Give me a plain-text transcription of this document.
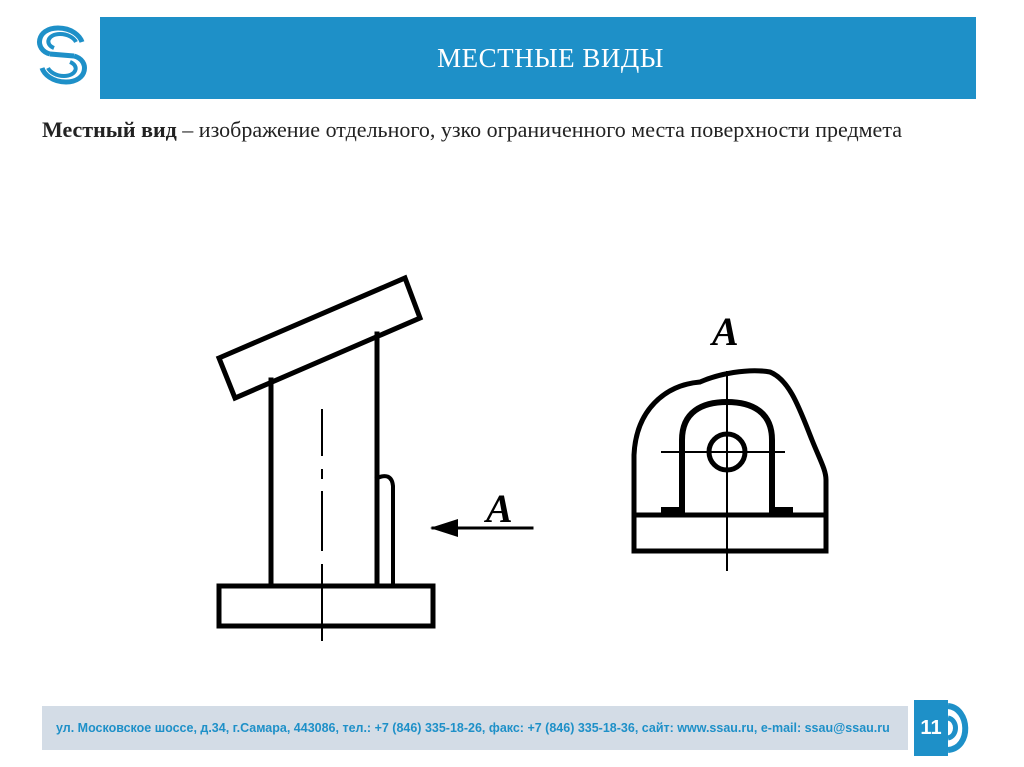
МЕСТНЫЕ ВИДЫ
Местный вид – изображение отдельного, узко ограниченного места поверхности предмета
А
А
ул. Московское шоссе, д.34, г.Самара, 443086, тел.: +7 (846) 335-18-26, факс: +7 (846) 335-18-36, сайт: www.ssau.ru, e-mail: ssau@ssau.ru	11
